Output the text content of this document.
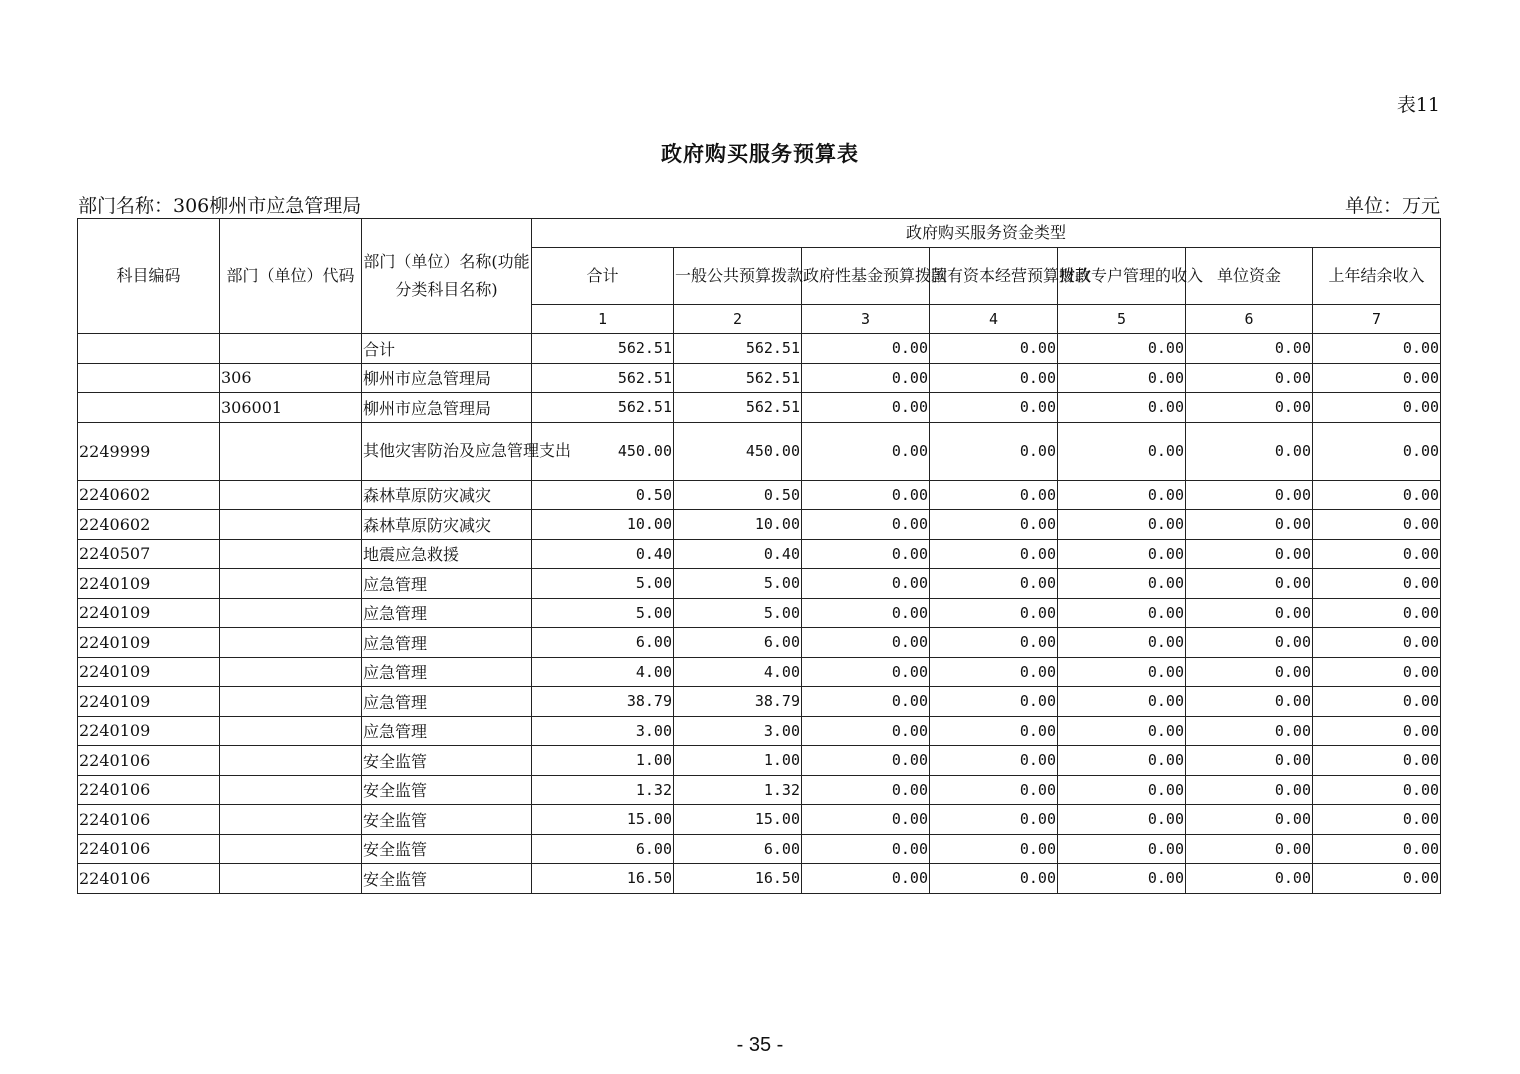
表11
政府购买服务预算表
部门名称：306柳州市应急管理局	单位：万元
科目编码	部门（单位）代码	部门（单位）名称(功能分类科目名称)	政府购买服务资金类型						
			合计	一般公共预算拨款	政府性基金预算拨款	国有资本经营预算拨款	财政专户管理的收入	单位资金	上年结余收入
			1	2	3	4	5	6	7
		合计	562.51	562.51	0.00	0.00	0.00	0.00	0.00
	306	柳州市应急管理局	562.51	562.51	0.00	0.00	0.00	0.00	0.00
	306001	柳州市应急管理局	562.51	562.51	0.00	0.00	0.00	0.00	0.00
2249999		其他灾害防治及应急管理支出	450.00	450.00	0.00	0.00	0.00	0.00	0.00
2240602		森林草原防灾减灾	0.50	0.50	0.00	0.00	0.00	0.00	0.00
2240602		森林草原防灾减灾	10.00	10.00	0.00	0.00	0.00	0.00	0.00
2240507		地震应急救援	0.40	0.40	0.00	0.00	0.00	0.00	0.00
2240109		应急管理	5.00	5.00	0.00	0.00	0.00	0.00	0.00
2240109		应急管理	5.00	5.00	0.00	0.00	0.00	0.00	0.00
2240109		应急管理	6.00	6.00	0.00	0.00	0.00	0.00	0.00
2240109		应急管理	4.00	4.00	0.00	0.00	0.00	0.00	0.00
2240109		应急管理	38.79	38.79	0.00	0.00	0.00	0.00	0.00
2240109		应急管理	3.00	3.00	0.00	0.00	0.00	0.00	0.00
2240106		安全监管	1.00	1.00	0.00	0.00	0.00	0.00	0.00
2240106		安全监管	1.32	1.32	0.00	0.00	0.00	0.00	0.00
2240106		安全监管	15.00	15.00	0.00	0.00	0.00	0.00	0.00
2240106		安全监管	6.00	6.00	0.00	0.00	0.00	0.00	0.00
2240106		安全监管	16.50	16.50	0.00	0.00	0.00	0.00	0.00
- 35 -
